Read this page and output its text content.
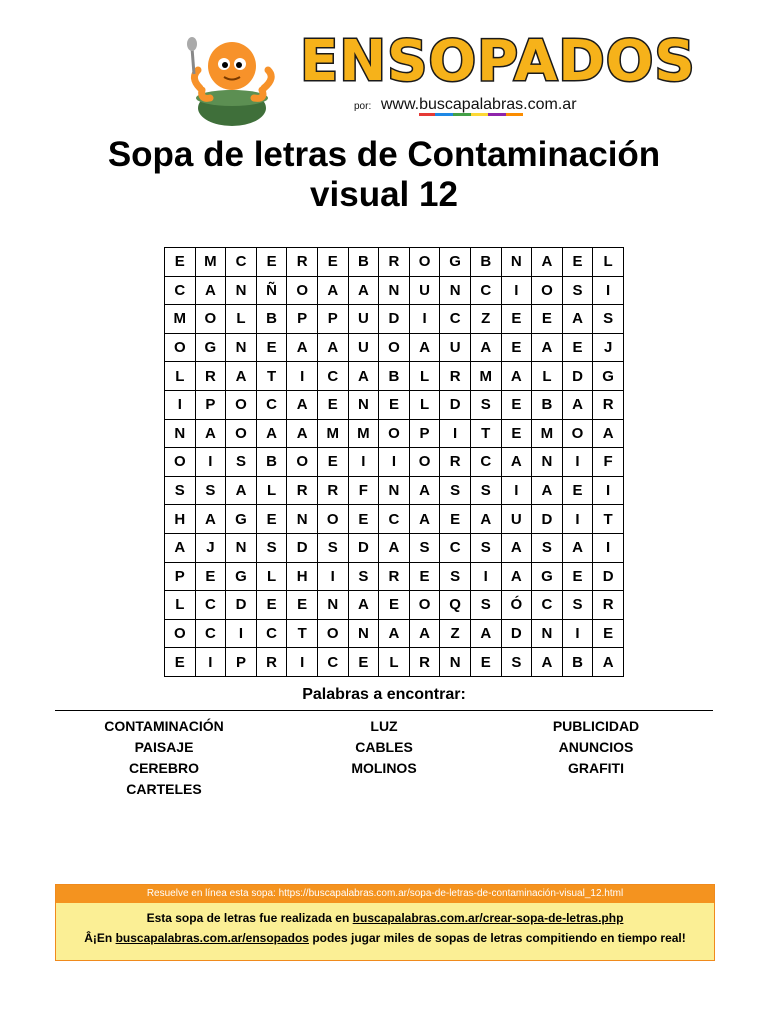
ENSOPADOS
por: www.buscapalabras.com.ar
Sopa de letras de Contaminación
visual 12
E	M	C	E	R	E	B	R	O	G	B	N	A	E	L
C	A	N	Ñ	O	A	A	N	U	N	C	I	O	S	I
M	O	L	B	P	P	U	D	I	C	Z	E	E	A	S
O	G	N	E	A	A	U	O	A	U	A	E	A	E	J
L	R	A	T	I	C	A	B	L	R	M	A	L	D	G
I	P	O	C	A	E	N	E	L	D	S	E	B	A	R
N	A	O	A	A	M	M	O	P	I	T	E	M	O	A
O	I	S	B	O	E	I	I	O	R	C	A	N	I	F
S	S	A	L	R	R	F	N	A	S	S	I	A	E	I
H	A	G	E	N	O	E	C	A	E	A	U	D	I	T
A	J	N	S	D	S	D	A	S	C	S	A	S	A	I
P	E	G	L	H	I	S	R	E	S	I	A	G	E	D
L	C	D	E	E	N	A	E	O	Q	S	Ó	C	S	R
O	C	I	C	T	O	N	A	A	Z	A	D	N	I	E
E	I	P	R	I	C	E	L	R	N	E	S	A	B	A
Palabras a encontrar:
CONTAMINACIÓN
PAISAJE
CEREBRO
CARTELES
LUZ
CABLES
MOLINOS
PUBLICIDAD
ANUNCIOS
GRAFITI
Resuelve en línea esta sopa: https://buscapalabras.com.ar/sopa-de-letras-de-contaminación-visual_12.html
Esta sopa de letras fue realizada en buscapalabras.com.ar/crear-sopa-de-letras.php
Â¡En buscapalabras.com.ar/ensopados podes jugar miles de sopas de letras compitiendo en tiempo real!
